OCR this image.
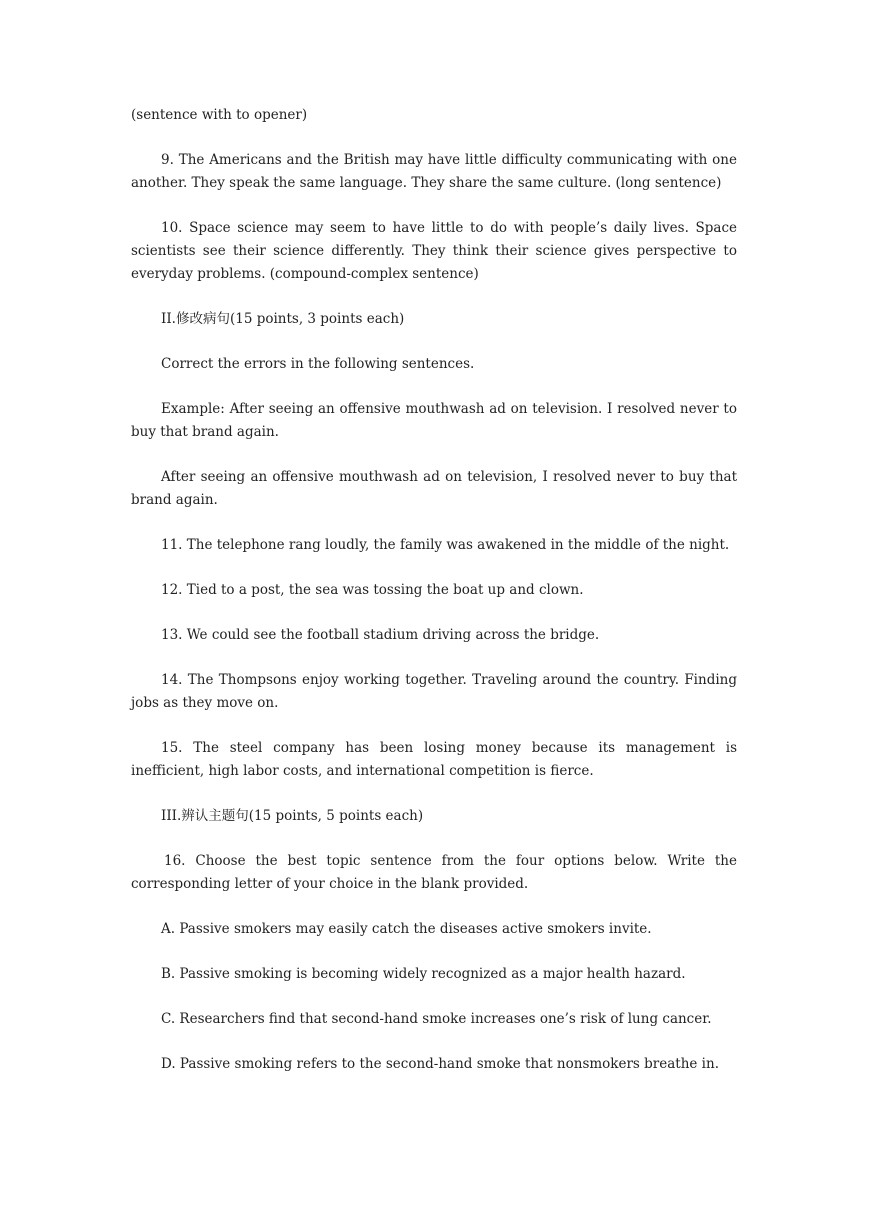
(sentence with to opener)

9. The Americans and the British may have little difficulty communicating with one another. They speak the same language. They share the same culture. (long sentence)

10. Space science may seem to have little to do with people’s daily lives. Space scientists see their science differently. They think their science gives perspective to everyday problems. (compound-complex sentence)

II.修改病句(15 points, 3 points each)

Correct the errors in the following sentences.

Example: After seeing an offensive mouthwash ad on television. I resolved never to buy that brand again.

After seeing an offensive mouthwash ad on television, I resolved never to buy that brand again.

11. The telephone rang loudly, the family was awakened in the middle of the night.

12. Tied to a post, the sea was tossing the boat up and clown.

13. We could see the football stadium driving across the bridge.

14. The Thompsons enjoy working together. Traveling around the country. Finding jobs as they move on.

15. The steel company has been losing money because its management is inefficient, high labor costs, and international competition is fierce.

III.辨认主题句(15 points, 5 points each)

16. Choose the best topic sentence from the four options below. Write the corresponding letter of your choice in the blank provided.

A. Passive smokers may easily catch the diseases active smokers invite.

B. Passive smoking is becoming widely recognized as a major health hazard.

C. Researchers find that second-hand smoke increases one’s risk of lung cancer.

D. Passive smoking refers to the second-hand smoke that nonsmokers breathe in.
